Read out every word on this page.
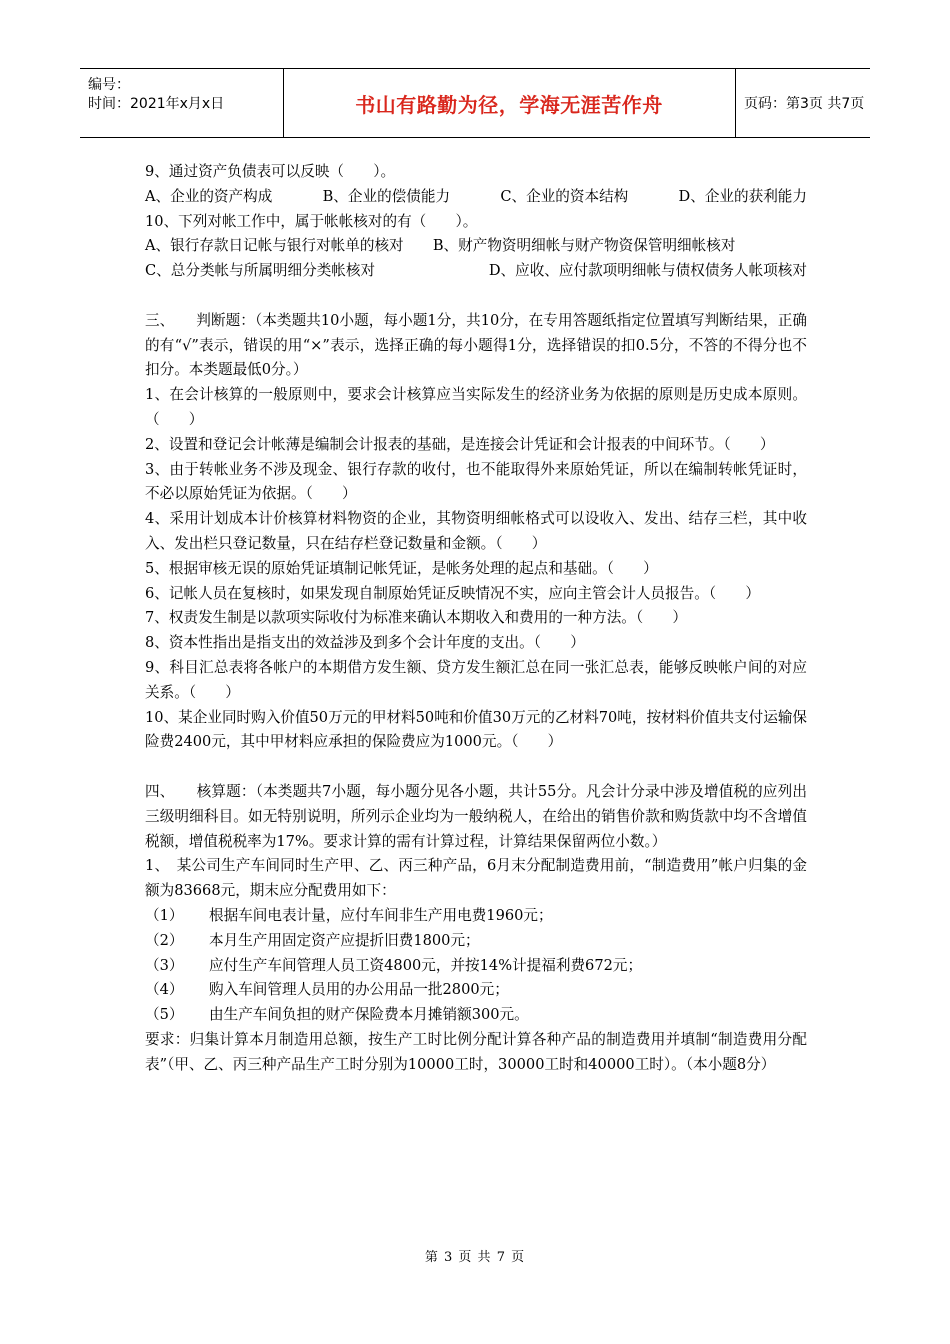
编号：
时间：2021年x月x日	书山有路勤为径，学海无涯苦作舟	页码：第3页 共7页

9、通过资产负债表可以反映（　　）。

A、企业的资产构成	B、企业的偿债能力	C、企业的资本结构	D、企业的获利能力

10、下列对帐工作中，属于帐帐核对的有（　　）。

A、银行存款日记帐与银行对帐单的核对　　B、财产物资明细帐与财产物资保管明细帐核对

C、总分类帐与所属明细分类帐核对	D、应收、应付款项明细帐与债权债务人帐项核对

三、　　判断题：（本类题共10小题，每小题1分，共10分，在专用答题纸指定位置填写判断结果，正确的有“√”表示，错误的用“×”表示，选择正确的每小题得1分，选择错误的扣0.5分，不答的不得分也不扣分。本类题最低0分。）

1、在会计核算的一般原则中，要求会计核算应当实际发生的经济业务为依据的原则是历史成本原则。（　　）

2、设置和登记会计帐薄是编制会计报表的基础，是连接会计凭证和会计报表的中间环节。（　　）

3、由于转帐业务不涉及现金、银行存款的收付，也不能取得外来原始凭证，所以在编制转帐凭证时，不必以原始凭证为依据。（　　）

4、采用计划成本计价核算材料物资的企业，其物资明细帐格式可以设收入、发出、结存三栏，其中收入、发出栏只登记数量，只在结存栏登记数量和金额。（　　）

5、根据审核无误的原始凭证填制记帐凭证，是帐务处理的起点和基础。（　　）

6、记帐人员在复核时，如果发现自制原始凭证反映情况不实，应向主管会计人员报告。（　　）

7、权责发生制是以款项实际收付为标准来确认本期收入和费用的一种方法。（　　）

8、资本性指出是指支出的效益涉及到多个会计年度的支出。（　　）

9、科目汇总表将各帐户的本期借方发生额、贷方发生额汇总在同一张汇总表，能够反映帐户间的对应关系。（　　）

10、某企业同时购入价值50万元的甲材料50吨和价值30万元的乙材料70吨，按材料价值共支付运输保险费2400元，其中甲材料应承担的保险费应为1000元。（　　）

四、　　核算题：（本类题共7小题，每小题分见各小题，共计55分。凡会计分录中涉及增值税的应列出三级明细科目。如无特别说明，所列示企业均为一般纳税人，在给出的销售价款和购货款中均不含增值税额，增值税税率为17%。要求计算的需有计算过程，计算结果保留两位小数。）

1、　某公司生产车间同时生产甲、乙、丙三种产品，6月末分配制造费用前，“制造费用”帐户归集的金额为83668元，期末应分配费用如下：

（1）	根据车间电表计量，应付车间非生产用电费1960元；
（2）	本月生产用固定资产应提折旧费1800元；
（3）	应付生产车间管理人员工资4800元，并按14%计提福利费672元；
（4）	购入车间管理人员用的办公用品一批2800元；
（5）	由生产车间负担的财产保险费本月摊销额300元。

要求：归集计算本月制造用总额，按生产工时比例分配计算各种产品的制造费用并填制“制造费用分配表”（甲、乙、丙三种产品生产工时分别为10000工时，30000工时和40000工时）。（本小题8分）

第 3 页 共 7 页
